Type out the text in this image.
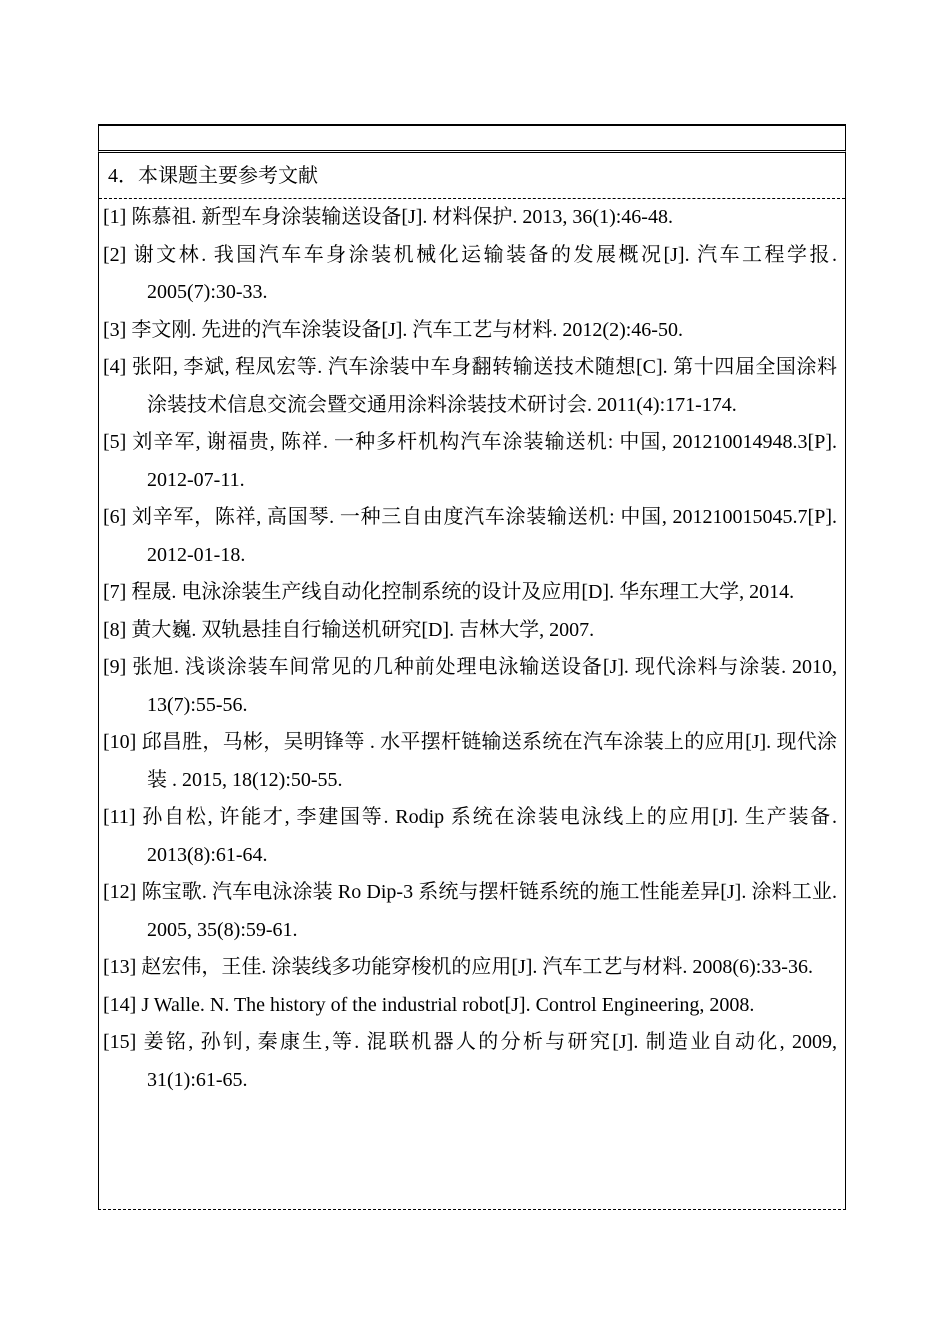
4．本课题主要参考文献
[1] 陈慕祖. 新型车身涂装输送设备[J]. 材料保护. 2013, 36(1):46-48.
[2] 谢文林. 我国汽车车身涂装机械化运输装备的发展概况[J]. 汽车工程学报. 2005(7):30-33.
[3] 李文刚. 先进的汽车涂装设备[J]. 汽车工艺与材料. 2012(2):46-50.
[4] 张阳, 李斌, 程凤宏等. 汽车涂装中车身翻转输送技术随想[C]. 第十四届全国涂料涂装技术信息交流会暨交通用涂料涂装技术研讨会. 2011(4):171-174.
[5] 刘辛军, 谢福贵, 陈祥. 一种多杆机构汽车涂装输送机: 中国, 201210014948.3[P]. 2012-07-11.
[6] 刘辛军，陈祥, 高国琴. 一种三自由度汽车涂装输送机: 中国, 201210015045.7[P]. 2012-01-18.
[7] 程晟. 电泳涂装生产线自动化控制系统的设计及应用[D]. 华东理工大学, 2014.
[8] 黄大巍. 双轨悬挂自行输送机研究[D]. 吉林大学, 2007.
[9] 张旭. 浅谈涂装车间常见的几种前处理电泳输送设备[J]. 现代涂料与涂装. 2010, 13(7):55-56.
[10] 邱昌胜，马彬，吴明锋等 . 水平摆杆链输送系统在汽车涂装上的应用[J]. 现代涂装 . 2015, 18(12):50-55.
[11] 孙自松, 许能才, 李建国等. Rodip 系统在涂装电泳线上的应用[J]. 生产装备. 2013(8):61-64.
[12] 陈宝歌. 汽车电泳涂装 Ro Dip-3 系统与摆杆链系统的施工性能差异[J]. 涂料工业. 2005, 35(8):59-61.
[13] 赵宏伟，王佳. 涂装线多功能穿梭机的应用[J]. 汽车工艺与材料. 2008(6):33-36.
[14] J Walle. N. The history of the industrial robot[J]. Control Engineering, 2008.
[15] 姜铭, 孙钊, 秦康生,等. 混联机器人的分析与研究[J]. 制造业自动化, 2009, 31(1):61-65.
